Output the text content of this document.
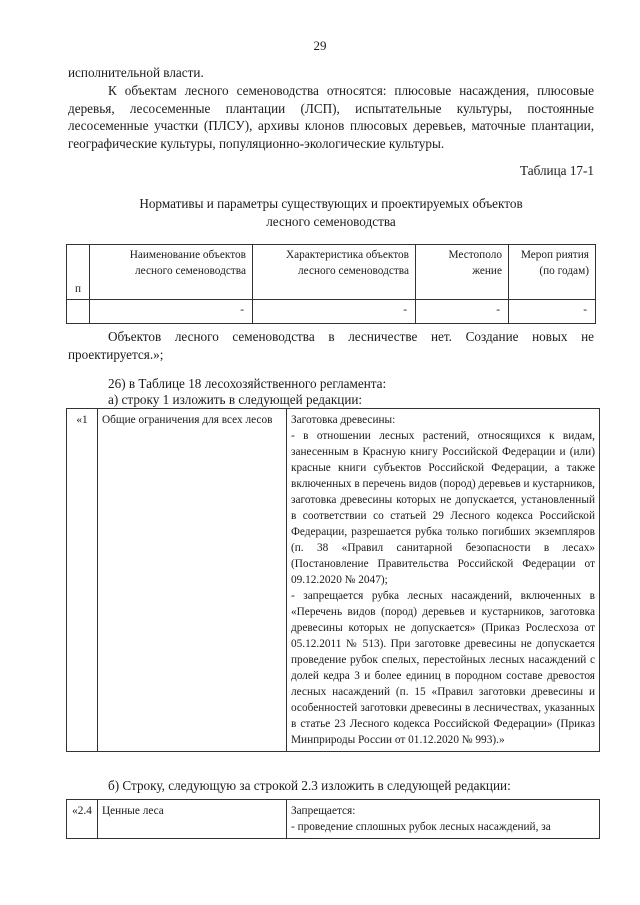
29
исполнительной власти.
К объектам лесного семеноводства относятся: плюсовые насаждения, плюсовые деревья, лесосеменные плантации (ЛСП), испытательные культуры, постоянные лесосеменные участки (ПЛСУ), архивы клонов плюсовых деревьев, маточные плантации, географические культуры, популяционно-экологические культуры.
Таблица 17-1
Нормативы и параметры существующих и проектируемых объектов
лесного семеноводства
п	Наименование объектов лесного семеноводства	Характеристика объектов лесного семеноводства	Местополо жение	Мероп риятия (по годам)
	-	-	-	-
Объектов лесного семеноводства в лесничестве нет. Создание новых не проектируется.»;
26) в Таблице 18 лесохозяйственного регламента:
а) строку 1 изложить в следующей редакции:
«1	Общие ограничения для всех лесов	Заготовка древесины:
- в отношении лесных растений, относящихся к видам, занесенным в Красную книгу Российской Федерации и (или) красные книги субъектов Российской Федерации, а также включенных в перечень видов (пород) деревьев и кустарников, заготовка древесины которых не допускается, установленный в соответствии со статьей 29 Лесного кодекса Российской Федерации, разрешается рубка только погибших экземпляров (п. 38 «Правил санитарной безопасности в лесах» (Постановление Правительства Российской Федерации от 09.12.2020 № 2047);
- запрещается рубка лесных насаждений, включенных в «Перечень видов (пород) деревьев и кустарников, заготовка древесины которых не допускается» (Приказ Рослесхоза от 05.12.2011 № 513). При заготовке древесины не допускается проведение рубок спелых, перестойных лесных насаждений с долей кедра 3 и более единиц в породном составе древостоя лесных насаждений (п. 15 «Правил заготовки древесины и особенностей заготовки древесины в лесничествах, указанных в статье 23 Лесного кодекса Российской Федерации» (Приказ Минприроды России от 01.12.2020 № 993).»
б) Строку, следующую за строкой 2.3 изложить в следующей редакции:
«2.4	Ценные леса	Запрещается:
- проведение сплошных рубок лесных насаждений, за
